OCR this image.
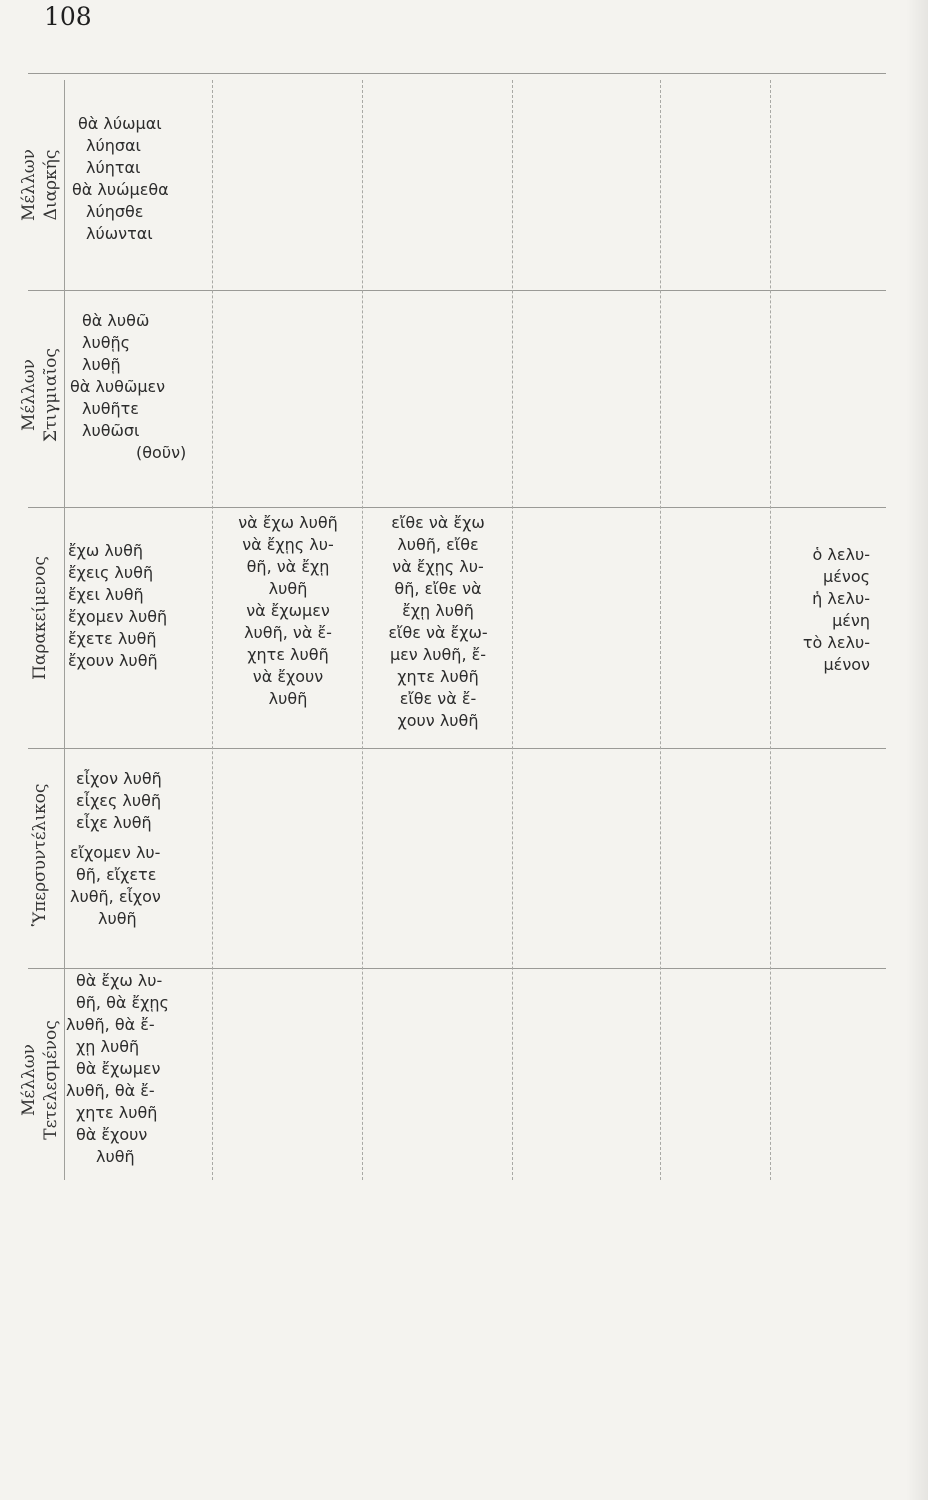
108
Μέλλων Διαρκής
θὰ λύωμαι
λύησαι
λύηται
θὰ λυώμεθα
λύησθε
λύωνται
Μέλλων Στιγμιαῖος
θὰ λυθῶ
λυθῇς
λυθῇ
θὰ λυθῶμεν
λυθῆτε
λυθῶσι
(θοῦν)
Παρακείμενος
ἔχω λυθῆ
ἔχεις λυθῆ
ἔχει λυθῆ
ἔχομεν λυθῆ
ἔχετε λυθῆ
ἔχουν λυθῆ
νὰ ἔχω λυθῆ
νὰ ἔχῃς λυ-
θῆ, νὰ ἔχῃ
λυθῆ
νὰ ἔχωμεν
λυθῆ, νὰ ἔ-
χητε λυθῆ
νὰ ἔχουν
λυθῆ
εἴθε νὰ ἔχω
λυθῆ, εἴθε
νὰ ἔχῃς λυ-
θῆ, εἴθε νὰ
ἔχῃ λυθῆ
εἴθε νὰ ἔχω-
μεν λυθῆ, ἔ-
χητε λυθῆ
εἴθε νὰ ἔ-
χουν λυθῆ
ὁ λελυ-
μένος
ἡ λελυ-
μένη
τὸ λελυ-
μένον
Ὑπερσυντέλικος
εἶχον λυθῆ
εἶχες λυθῆ
εἶχε λυθῆ
εἴχομεν λυ-
θῆ, εἴχετε
λυθῆ, εἶχον
λυθῆ
Μέλλων Τετελεσμένος
θὰ ἔχω λυ-
θῆ, θὰ ἔχῃς
λυθῆ, θὰ ἔ-
χῃ λυθῆ
θὰ ἔχωμεν
λυθῆ, θὰ ἔ-
χητε λυθῆ
θὰ ἔχουν
λυθῆ
